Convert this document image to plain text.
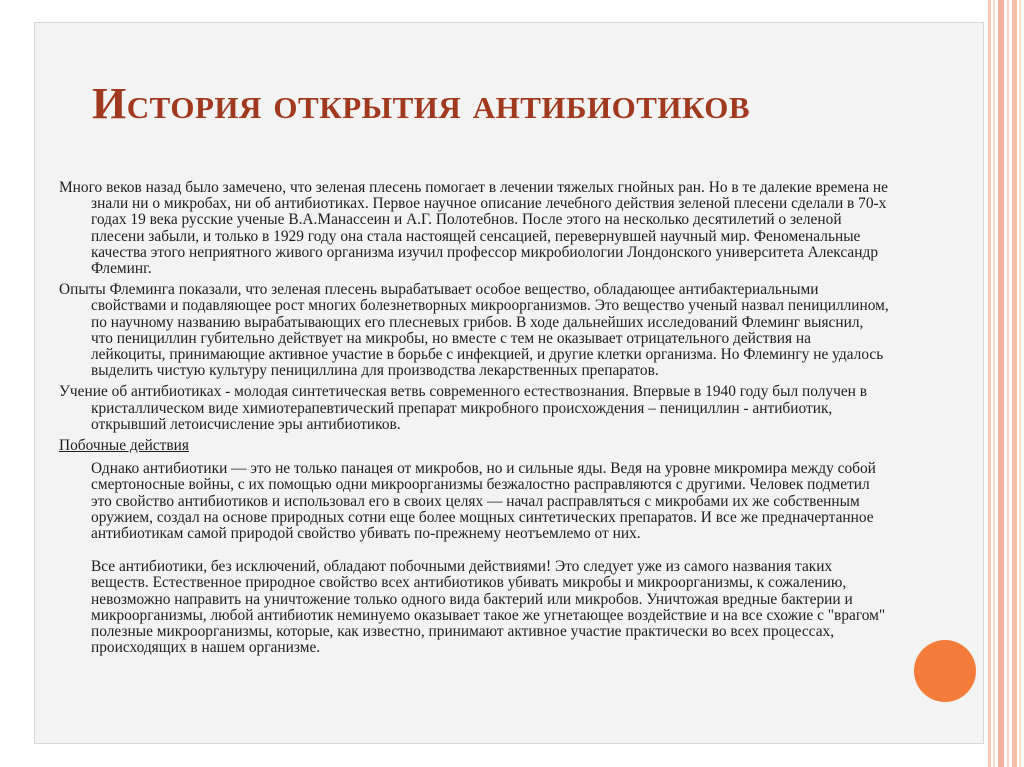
История открытия антибиотиков

Много веков назад было замечено, что зеленая плесень помогает в лечении тяжелых гнойных ран. Но в те далекие времена не знали ни о микробах, ни об антибиотиках. Первое научное описание лечебного действия зеленой плесени сделали в 70-х годах 19 века русские ученые В.А.Манассеин и А.Г. Полотебнов. После этого на несколько десятилетий о зеленой плесени забыли, и только в 1929 году она стала настоящей сенсацией, перевернувшей научный мир. Феноменальные качества этого неприятного живого организма изучил профессор микробиологии Лондонского университета Александр Флеминг.

Опыты Флеминга показали, что зеленая плесень вырабатывает особое вещество, обладающее антибактериальными свойствами и подавляющее рост многих болезнетворных микроорганизмов. Это вещество ученый назвал пенициллином, по научному названию вырабатывающих его плесневых грибов. В ходе дальнейших исследований Флеминг выяснил, что пенициллин губительно действует на микробы, но вместе с тем не оказывает отрицательного действия на лейкоциты, принимающие активное участие в борьбе с инфекцией, и другие клетки организма. Но Флемингу не удалось выделить чистую культуру пенициллина для производства лекарственных препаратов.

Учение об антибиотиках - молодая синтетическая ветвь современного естествознания. Впервые в 1940 году был получен в кристаллическом виде химиотерапевтический препарат микробного происхождения – пенициллин - антибиотик, открывший летоисчисление эры антибиотиков.

Побочные действия

Однако антибиотики — это не только панацея от микробов, но и сильные яды. Ведя на уровне микромира между собой смертоносные войны, с их помощью одни микроорганизмы безжалостно расправляются с другими. Человек подметил это свойство антибиотиков и использовал его в своих целях — начал расправляться с микробами их же собственным оружием, создал на основе природных сотни еще более мощных синтетических препаратов. И все же предначертанное антибиотикам самой природой свойство убивать по-прежнему неотъемлемо от них.

Все антибиотики, без исключений, обладают побочными действиями! Это следует уже из самого названия таких веществ. Естественное природное свойство всех антибиотиков убивать микробы и микроорганизмы, к сожалению, невозможно направить на уничтожение только одного вида бактерий или микробов. Уничтожая вредные бактерии и микроорганизмы, любой антибиотик неминуемо оказывает такое же угнетающее воздействие и на все схожие с "врагом" полезные микроорганизмы, которые, как известно, принимают активное участие практически во всех процессах, происходящих в нашем организме.
